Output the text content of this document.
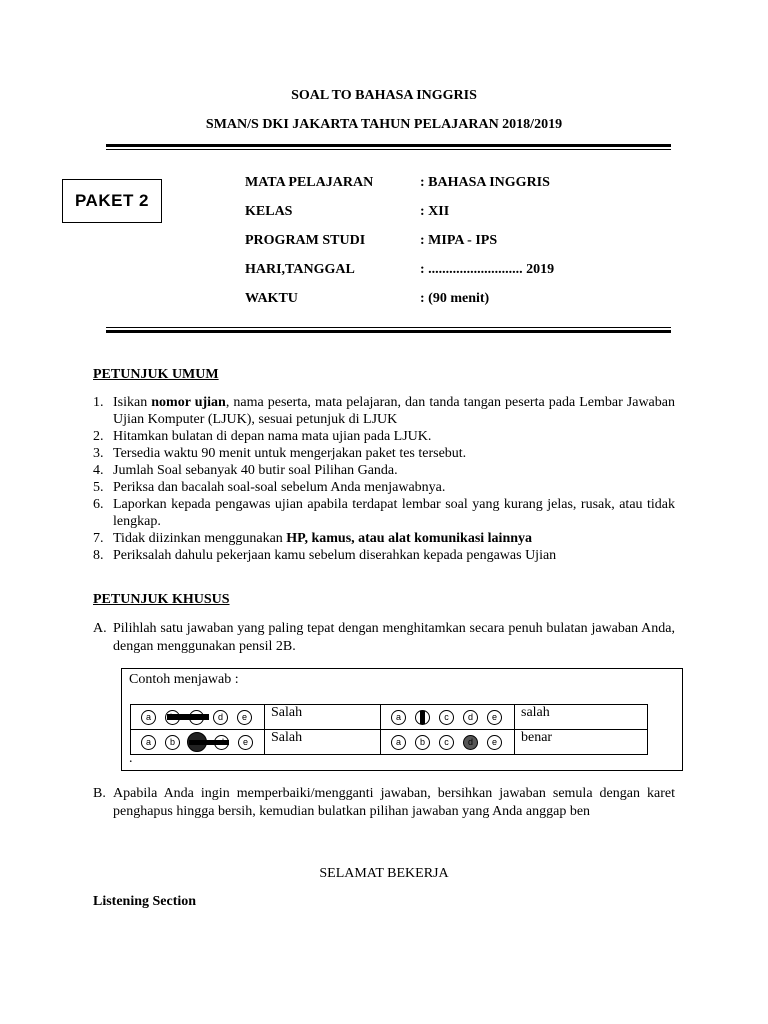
SOAL TO BAHASA INGGRIS
SMAN/S DKI JAKARTA TAHUN PELAJARAN 2018/2019
PAKET 2
MATA PELAJARAN	: BAHASA INGGRIS
KELAS	: XII
PROGRAM STUDI	: MIPA - IPS
HARI,TANGGAL	: ........................... 2019
WAKTU	: (90 menit)
PETUNJUK UMUM
1. Isikan nomor ujian, nama peserta, mata pelajaran, dan tanda tangan peserta pada Lembar Jawaban Ujian Komputer (LJUK), sesuai petunjuk di LJUK
2. Hitamkan bulatan di depan nama mata ujian pada LJUK.
3. Tersedia waktu 90 menit untuk mengerjakan paket tes tersebut.
4. Jumlah Soal sebanyak 40 butir soal Pilihan Ganda.
5. Periksa dan bacalah soal-soal sebelum Anda menjawabnya.
6. Laporkan kepada pengawas ujian apabila terdapat lembar soal yang kurang jelas, rusak, atau tidak lengkap.
7. Tidak diizinkan menggunakan HP, kamus, atau alat komunikasi lainnya
8. Periksalah dahulu pekerjaan kamu sebelum diserahkan kepada pengawas Ujian
PETUNJUK KHUSUS
A. Pilihlah satu jawaban yang paling tepat dengan menghitamkan secara penuh bulatan jawaban Anda, dengan menggunakan pensil 2B.
Contoh menjawab :
a d e	Salah	a c d e	salah

a b e	Salah	a b c d e	benar
.
B. Apabila Anda ingin memperbaiki/mengganti jawaban, bersihkan jawaban semula dengan karet penghapus hingga bersih, kemudian bulatkan pilihan jawaban yang Anda anggap ben
SELAMAT BEKERJA
Listening Section
